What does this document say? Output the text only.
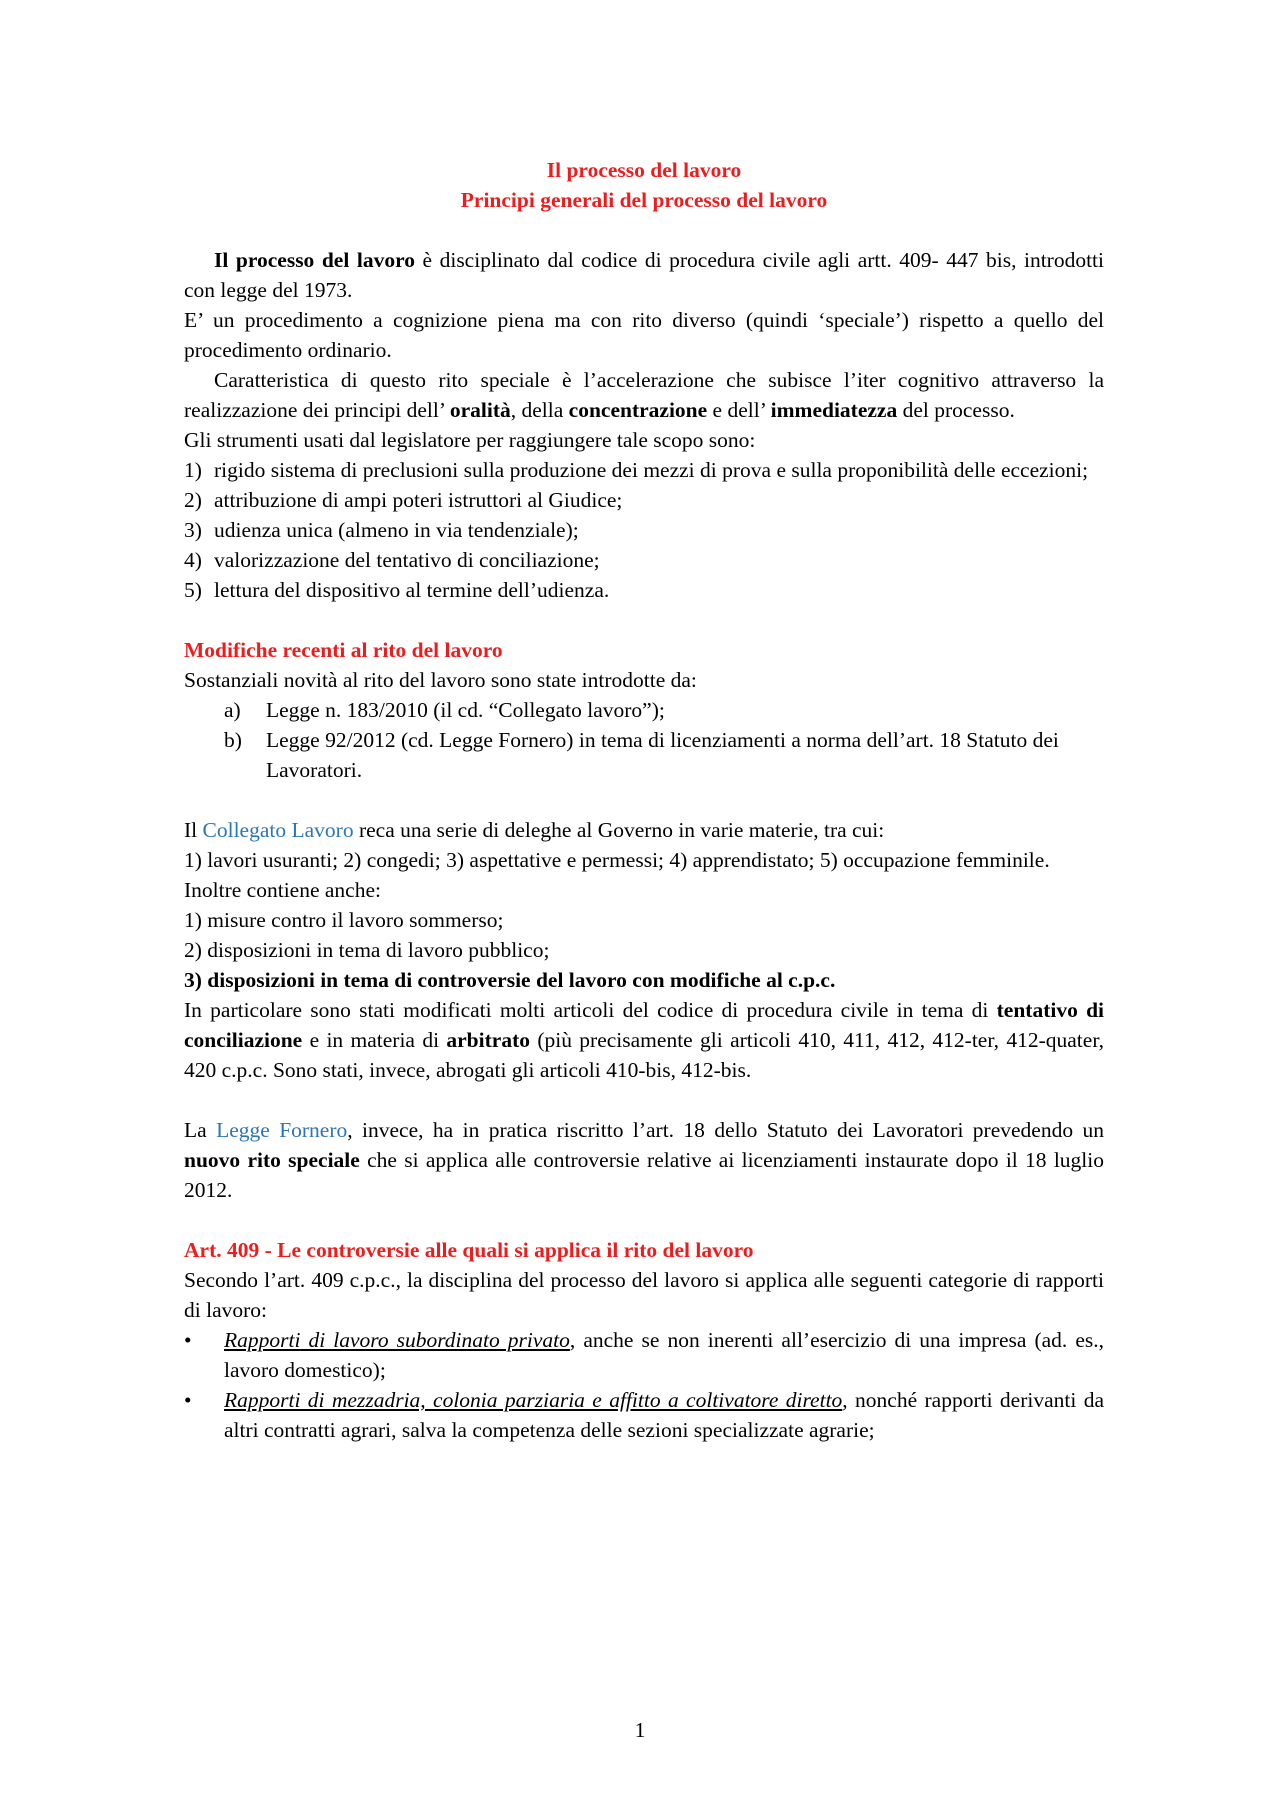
Il processo del lavoro

Principi generali del processo del lavoro

Il processo del lavoro è disciplinato dal codice di procedura civile agli artt. 409- 447 bis, introdotti con legge del 1973.

E’ un procedimento a cognizione piena ma con rito diverso (quindi ‘speciale’) rispetto a quello del procedimento ordinario.

Caratteristica di questo rito speciale è l’accelerazione che subisce l’iter cognitivo attraverso la realizzazione dei principi dell’ oralità, della concentrazione e dell’ immediatezza del processo.

Gli strumenti usati dal legislatore per raggiungere tale scopo sono:

1) rigido sistema di preclusioni sulla produzione dei mezzi di prova e sulla proponibilità delle eccezioni;
2) attribuzione di ampi poteri istruttori al Giudice;
3) udienza unica (almeno in via tendenziale);
4) valorizzazione del tentativo di conciliazione;
5) lettura del dispositivo al termine dell’udienza.

Modifiche recenti al rito del lavoro

Sostanziali novità al rito del lavoro sono state introdotte da:

a) Legge n. 183/2010 (il cd. “Collegato lavoro”);
b) Legge 92/2012 (cd. Legge Fornero) in tema di licenziamenti a norma dell’art. 18 Statuto dei Lavoratori.

Il Collegato Lavoro reca una serie di deleghe al Governo in varie materie, tra cui:

1) lavori usuranti; 2) congedi; 3) aspettative e permessi; 4) apprendistato; 5) occupazione femminile.

Inoltre contiene anche:

1) misure contro il lavoro sommerso;

2) disposizioni in tema di lavoro pubblico;

3) disposizioni in tema di controversie del lavoro con modifiche al c.p.c.

In particolare sono stati modificati molti articoli del codice di procedura civile in tema di tentativo di conciliazione e in materia di arbitrato (più precisamente gli articoli 410, 411, 412, 412-ter, 412-quater, 420 c.p.c. Sono stati, invece, abrogati gli articoli 410-bis, 412-bis.

La Legge Fornero, invece, ha in pratica riscritto l’art. 18 dello Statuto dei Lavoratori prevedendo un nuovo rito speciale che si applica alle controversie relative ai licenziamenti instaurate dopo il 18 luglio 2012.

Art. 409 - Le controversie alle quali si applica il rito del lavoro

Secondo l’art. 409 c.p.c., la disciplina del processo del lavoro si applica alle seguenti categorie di rapporti di lavoro:

• Rapporti di lavoro subordinato privato, anche se non inerenti all’esercizio di una impresa (ad. es., lavoro domestico);
• Rapporti di mezzadria, colonia parziaria e affitto a coltivatore diretto, nonché rapporti derivanti da altri contratti agrari, salva la competenza delle sezioni specializzate agrarie;
1
